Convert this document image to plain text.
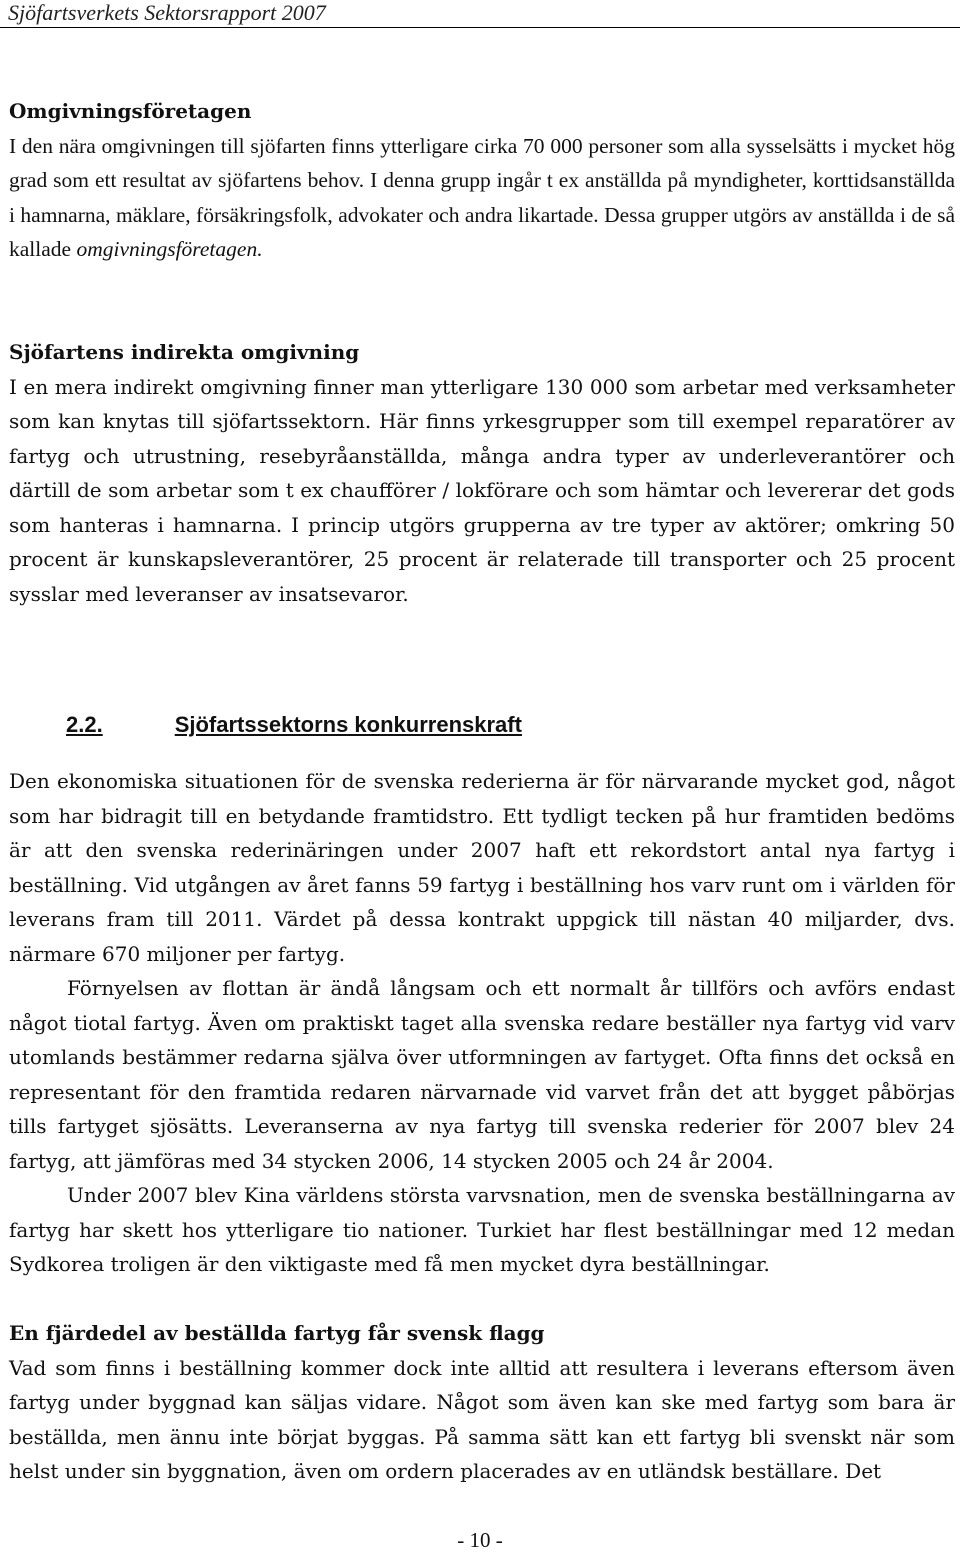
Sjöfartsverkets Sektorsrapport 2007

Omgivningsföretagen

I den nära omgivningen till sjöfarten finns ytterligare cirka 70 000 personer som alla sysselsätts i mycket hög grad som ett resultat av sjöfartens behov. I denna grupp ingår t ex anställda på myndigheter, korttidsanställda i hamnarna, mäklare, försäkringsfolk, advokater och andra likartade. Dessa grupper utgörs av anställda i de så kallade omgivningsföretagen.

Sjöfartens indirekta omgivning

I en mera indirekt omgivning finner man ytterligare 130 000 som arbetar med verksamheter som kan knytas till sjöfartssektorn. Här finns yrkesgrupper som till exempel reparatörer av fartyg och utrustning, resebyråanställda, många andra typer av underleverantörer och därtill de som arbetar som t ex chaufförer / lokförare och som hämtar och levererar det gods som hanteras i hamnarna. I princip utgörs grupperna av tre typer av aktörer; omkring 50 procent är kunskapsleverantörer, 25 procent är relaterade till transporter och 25 procent sysslar med leveranser av insatsevaror.

2.2.	Sjöfartssektorns konkurrenskraft

Den ekonomiska situationen för de svenska rederierna är för närvarande mycket god, något som har bidragit till en betydande framtidstro. Ett tydligt tecken på hur framtiden bedöms är att den svenska rederinäringen under 2007 haft ett rekordstort antal nya fartyg i beställning. Vid utgången av året fanns 59 fartyg i beställning hos varv runt om i världen för leverans fram till 2011. Värdet på dessa kontrakt uppgick till nästan 40 miljarder, dvs. närmare 670 miljoner per fartyg.

Förnyelsen av flottan är ändå långsam och ett normalt år tillförs och avförs endast något tiotal fartyg. Även om praktiskt taget alla svenska redare beställer nya fartyg vid varv utomlands bestämmer redarna själva över utformningen av fartyget. Ofta finns det också en representant för den framtida redaren närvarnade vid varvet från det att bygget påbörjas tills fartyget sjösätts. Leveranserna av nya fartyg till svenska rederier för 2007 blev 24 fartyg, att jämföras med 34 stycken 2006, 14 stycken 2005 och 24 år 2004.

Under 2007 blev Kina världens största varvsnation, men de svenska beställningarna av fartyg har skett hos ytterligare tio nationer. Turkiet har flest beställningar med 12 medan Sydkorea troligen är den viktigaste med få men mycket dyra beställningar.

En fjärdedel av beställda fartyg får svensk flagg

Vad som finns i beställning kommer dock inte alltid att resultera i leverans eftersom även fartyg under byggnad kan säljas vidare. Något som även kan ske med fartyg som bara är beställda, men ännu inte börjat byggas. På samma sätt kan ett fartyg bli svenskt när som helst under sin byggnation, även om ordern placerades av en utländsk beställare. Det

- 10 -
